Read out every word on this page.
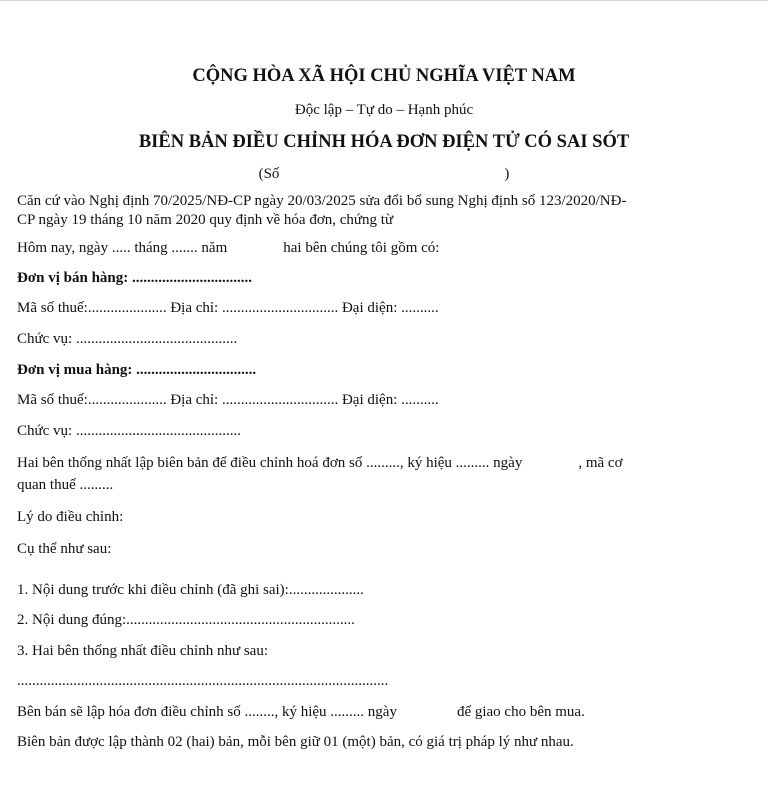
CỘNG HÒA XÃ HỘI CHỦ NGHĨA VIỆT NAM
Độc lập – Tự do – Hạnh phúc
BIÊN BẢN ĐIỀU CHỈNH HÓA ĐƠN ĐIỆN TỬ CÓ SAI SÓT
(Số	)
Căn cứ vào Nghị định 70/2025/NĐ-CP ngày 20/03/2025 sửa đổi bổ sung Nghị định số 123/2020/NĐ-
CP ngày 19 tháng 10 năm 2020 quy định về hóa đơn, chứng từ
Hôm nay, ngày ..... tháng ....... năm	hai bên chúng tôi gồm có:
Đơn vị bán hàng: ................................
Mã số thuế:..................... Địa chỉ: ............................... Đại diện: ..........
Chức vụ: ...........................................
Đơn vị mua hàng: ................................
Mã số thuế:..................... Địa chỉ: ............................... Đại diện: ..........
Chức vụ: ............................................
Hai bên thống nhất lập biên bản để điều chỉnh hoá đơn số ........., ký hiệu ......... ngày	, mã cơ
quan thuế .........
Lý do điều chỉnh:
Cụ thể như sau:
1. Nội dung trước khi điều chỉnh (đã ghi sai):....................
2. Nội dung đúng:.............................................................
3. Hai bên thống nhất điều chỉnh như sau:
...................................................................................................
Bên bán sẽ lập hóa đơn điều chỉnh số ........, ký hiệu ......... ngày	để giao cho bên mua.
Biên bản được lập thành 02 (hai) bản, mỗi bên giữ 01 (một) bản, có giá trị pháp lý như nhau.
